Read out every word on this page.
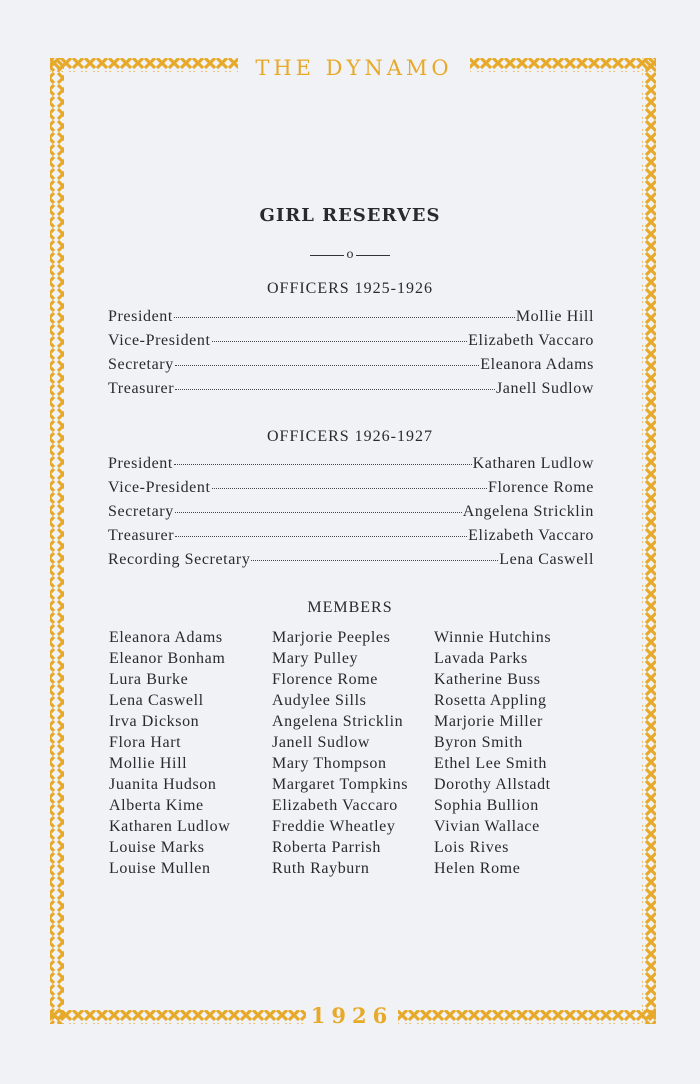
THE DYNAMO
1926
GIRL RESERVES
o
OFFICERS 1925-1926
President	Mollie Hill
Vice-President	Elizabeth Vaccaro
Secretary	Eleanora Adams
Treasurer	Janell Sudlow
OFFICERS 1926-1927
President	Katharen Ludlow
Vice-President	Florence Rome
Secretary	Angelena Stricklin
Treasurer	Elizabeth Vaccaro
Recording Secretary	Lena Caswell
MEMBERS
Eleanora Adams
Eleanor Bonham
Lura Burke
Lena Caswell
Irva Dickson
Flora Hart
Mollie Hill
Juanita Hudson
Alberta Kime
Katharen Ludlow
Louise Marks
Louise Mullen
Marjorie Peeples
Mary Pulley
Florence Rome
Audylee Sills
Angelena Stricklin
Janell Sudlow
Mary Thompson
Margaret Tompkins
Elizabeth Vaccaro
Freddie Wheatley
Roberta Parrish
Ruth Rayburn
Winnie Hutchins
Lavada Parks
Katherine Buss
Rosetta Appling
Marjorie Miller
Byron Smith
Ethel Lee Smith
Dorothy Allstadt
Sophia Bullion
Vivian Wallace
Lois Rives
Helen Rome
